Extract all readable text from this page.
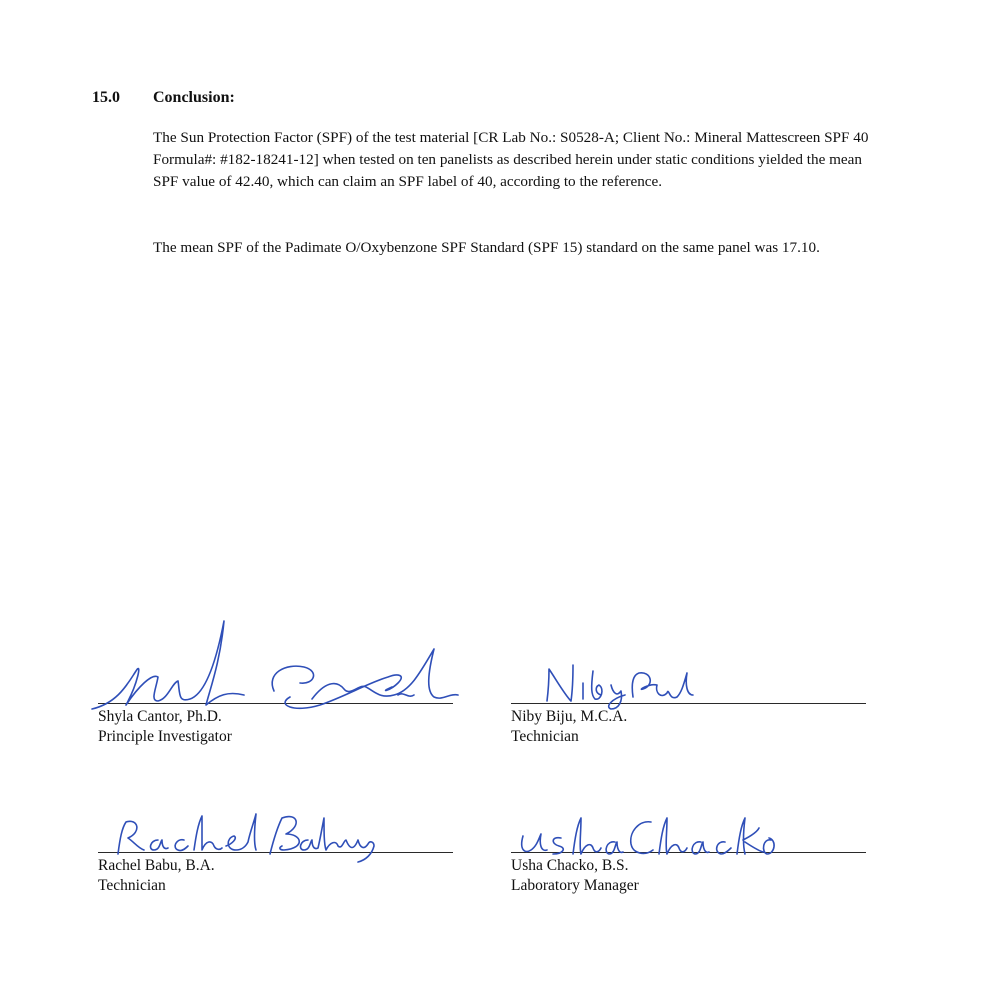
15.0 Conclusion:

The Sun Protection Factor (SPF) of the test material [CR Lab No.: S0528-A; Client No.: Mineral Mattescreen SPF 40 Formula#: #182-18241-12] when tested on ten panelists as described herein under static conditions yielded the mean SPF value of 42.40, which can claim an SPF label of 40, according to the reference.

The mean SPF of the Padimate O/Oxybenzone SPF Standard (SPF 15) standard on the same panel was 17.10.

Shyla Cantor, Ph.D.
Principle Investigator
Niby Biju, M.C.A.
Technician
Rachel Babu, B.A.
Technician
Usha Chacko, B.S.
Laboratory Manager
